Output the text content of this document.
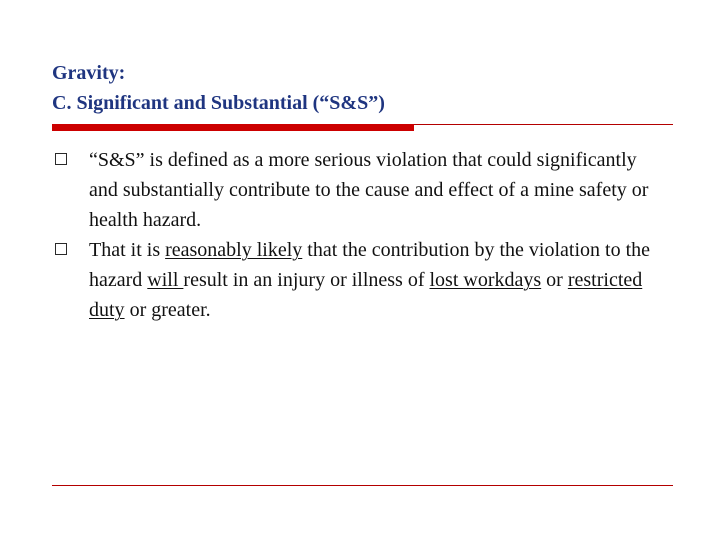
Gravity:
C. Significant and Substantial (“S&S”)
“S&S” is defined as a more serious violation that could significantly and substantially contribute to the cause and effect of a mine safety or health hazard.
That it is reasonably likely that the contribution by the violation to the hazard will result in an injury or illness of lost workdays or restricted duty or greater.
